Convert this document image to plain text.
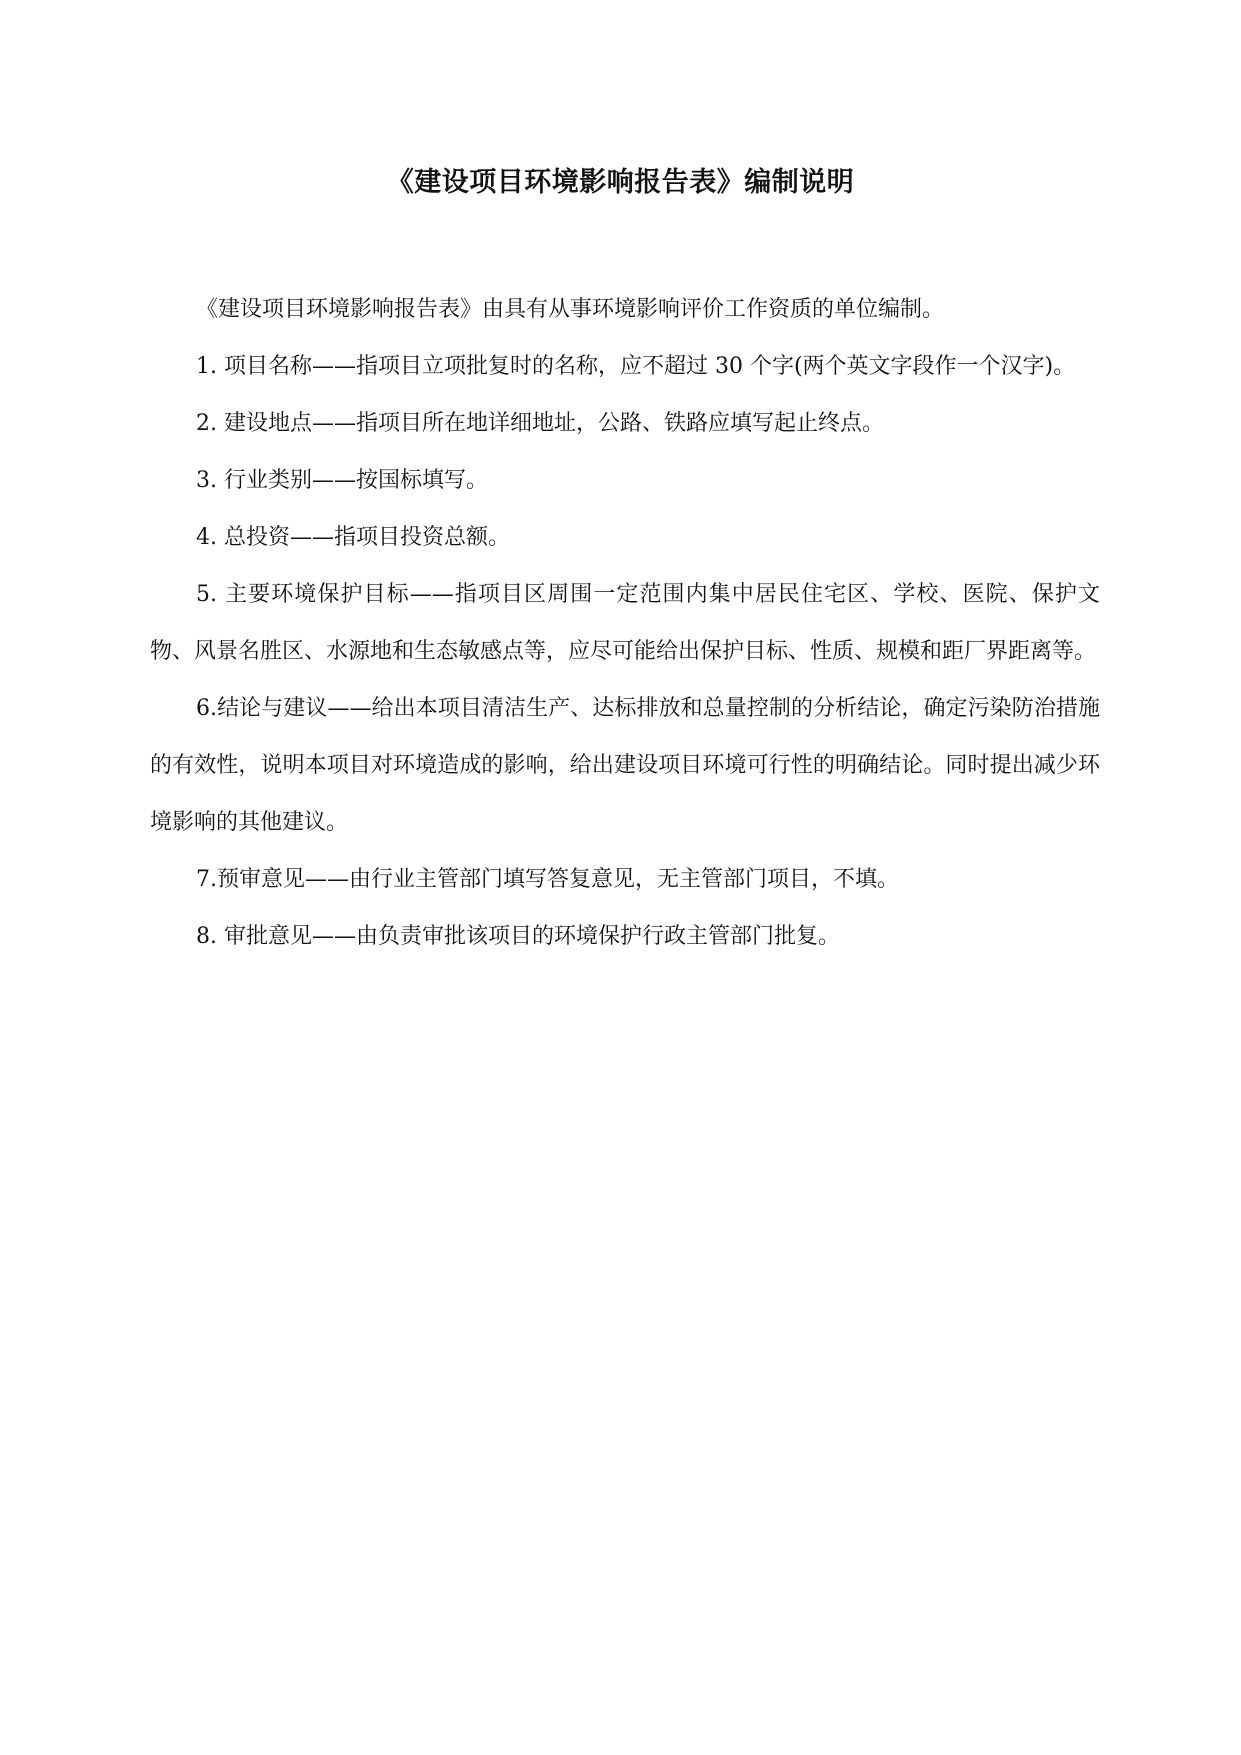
《建设项目环境影响报告表》编制说明

《建设项目环境影响报告表》由具有从事环境影响评价工作资质的单位编制。

1. 项目名称——指项目立项批复时的名称，应不超过 30 个字(两个英文字段作一个汉字)。

2. 建设地点——指项目所在地详细地址，公路、铁路应填写起止终点。

3. 行业类别——按国标填写。

4. 总投资——指项目投资总额。

5. 主要环境保护目标——指项目区周围一定范围内集中居民住宅区、学校、医院、保护文物、风景名胜区、水源地和生态敏感点等，应尽可能给出保护目标、性质、规模和距厂界距离等。

6.结论与建议——给出本项目清洁生产、达标排放和总量控制的分析结论，确定污染防治措施的有效性，说明本项目对环境造成的影响，给出建设项目环境可行性的明确结论。同时提出减少环境影响的其他建议。

7.预审意见——由行业主管部门填写答复意见，无主管部门项目，不填。

8. 审批意见——由负责审批该项目的环境保护行政主管部门批复。
